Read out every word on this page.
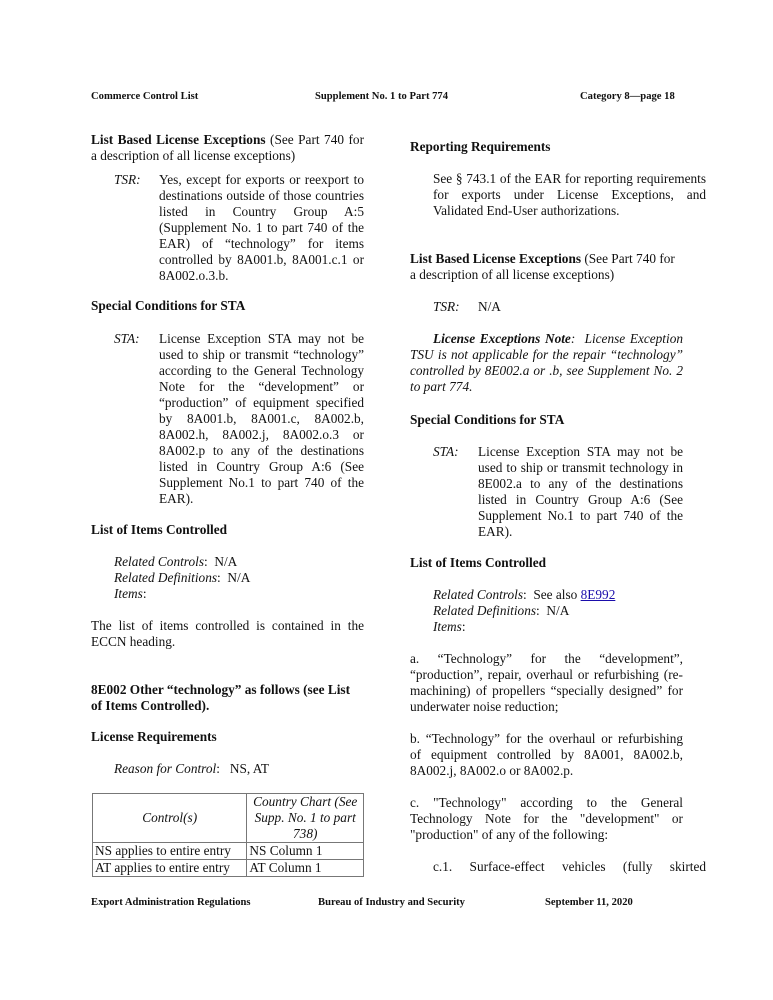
Commerce Control List	Supplement No. 1 to Part 774	Category 8—page 18

List Based License Exceptions (See Part 740 for a description of all license exceptions)

TSR:	Yes, except for exports or reexport to destinations outside of those countries listed in Country Group A:5 (Supplement No. 1 to part 740 of the EAR) of “technology” for items controlled by 8A001.b, 8A001.c.1 or 8A002.o.3.b.
Special Conditions for STA
STA:	License Exception STA may not be used to ship or transmit “technology” according to the General Technology Note for the “development” or “production” of equipment specified by 8A001.b, 8A001.c, 8A002.b, 8A002.h, 8A002.j, 8A002.o.3 or 8A002.p to any of the destinations listed in Country Group A:6 (See Supplement No.1 to part 740 of the EAR).
List of Items Controlled
Related Controls:  N/A
Related Definitions:  N/A
Items:

The list of items controlled is contained in the ECCN heading.

8E002 Other “technology” as follows (see List of Items Controlled).

License Requirements
Reason for Control:   NS, AT
Control(s)	Country Chart (See Supp. No. 1 to part 738)
NS applies to entire entry	NS Column 1
AT applies to entire entry	AT Column 1
Reporting Requirements

See § 743.1 of the EAR for reporting requirements for exports under License Exceptions, and Validated End-User authorizations.

List Based License Exceptions (See Part 740 for a description of all license exceptions)

TSR:	N/A

License Exceptions Note:  License Exception TSU is not applicable for the repair “technology” controlled by 8E002.a or .b, see Supplement No. 2 to part 774.

Special Conditions for STA
STA:	License Exception STA may not be used to ship or transmit technology in 8E002.a to any of the destinations listed in Country Group A:6 (See Supplement No.1 to part 740 of the EAR).
List of Items Controlled
Related Controls:  See also 8E992
Related Definitions:  N/A
Items:

a. “Technology” for the “development”, “production”, repair, overhaul or refurbishing (re-machining) of propellers “specially designed” for underwater noise reduction;

b. “Technology” for the overhaul or refurbishing of equipment controlled by 8A001, 8A002.b, 8A002.j, 8A002.o or 8A002.p.

c. "Technology" according to the General Technology Note for the "development" or "production" of any of the following:

c.1. Surface-effect vehicles (fully skirted

Export Administration Regulations	Bureau of Industry and Security	September 11, 2020
